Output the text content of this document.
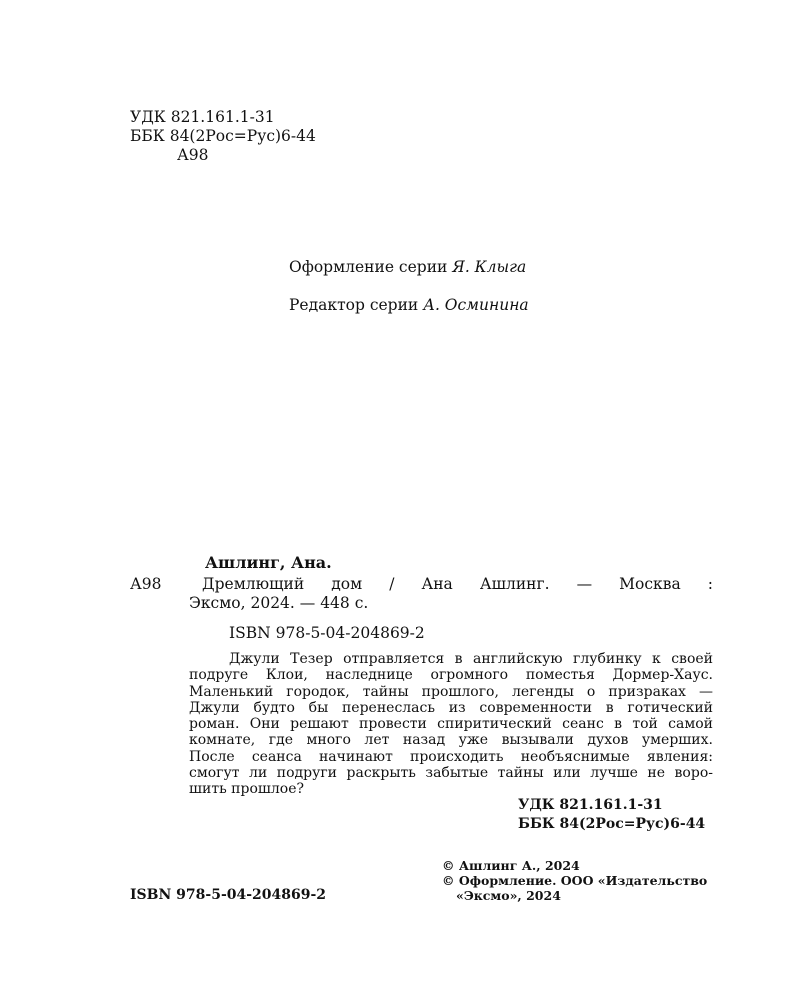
УДК 821.161.1-31
ББК 84(2Рос=Рус)6-44
А98
Оформление серии Я. Клыга
Редактор серии А. Осминина
Ашлинг, Ана.
А98	Дремлющий дом / Ана Ашлинг. — Москва :
Эксмо, 2024. — 448 с.
ISBN 978-5-04-204869-2
Джули Тезер отправляется в английскую глубинку к своей
подруге Клои, наследнице огромного поместья Дормер-Хаус.
Маленький городок, тайны прошлого, легенды о призраках —
Джули будто бы перенеслась из современности в готический
роман. Они решают провести спиритический сеанс в той самой
комнате, где много лет назад уже вызывали духов умерших.
После сеанса начинают происходить необъяснимые явления:
смогут ли подруги раскрыть забытые тайны или лучше не воро-
шить прошлое?
УДК 821.161.1-31
ББК 84(2Рос=Рус)6-44
© Ашлинг А., 2024
© Оформление. ООО «Издательство
«Эксмо», 2024
ISBN 978-5-04-204869-2
